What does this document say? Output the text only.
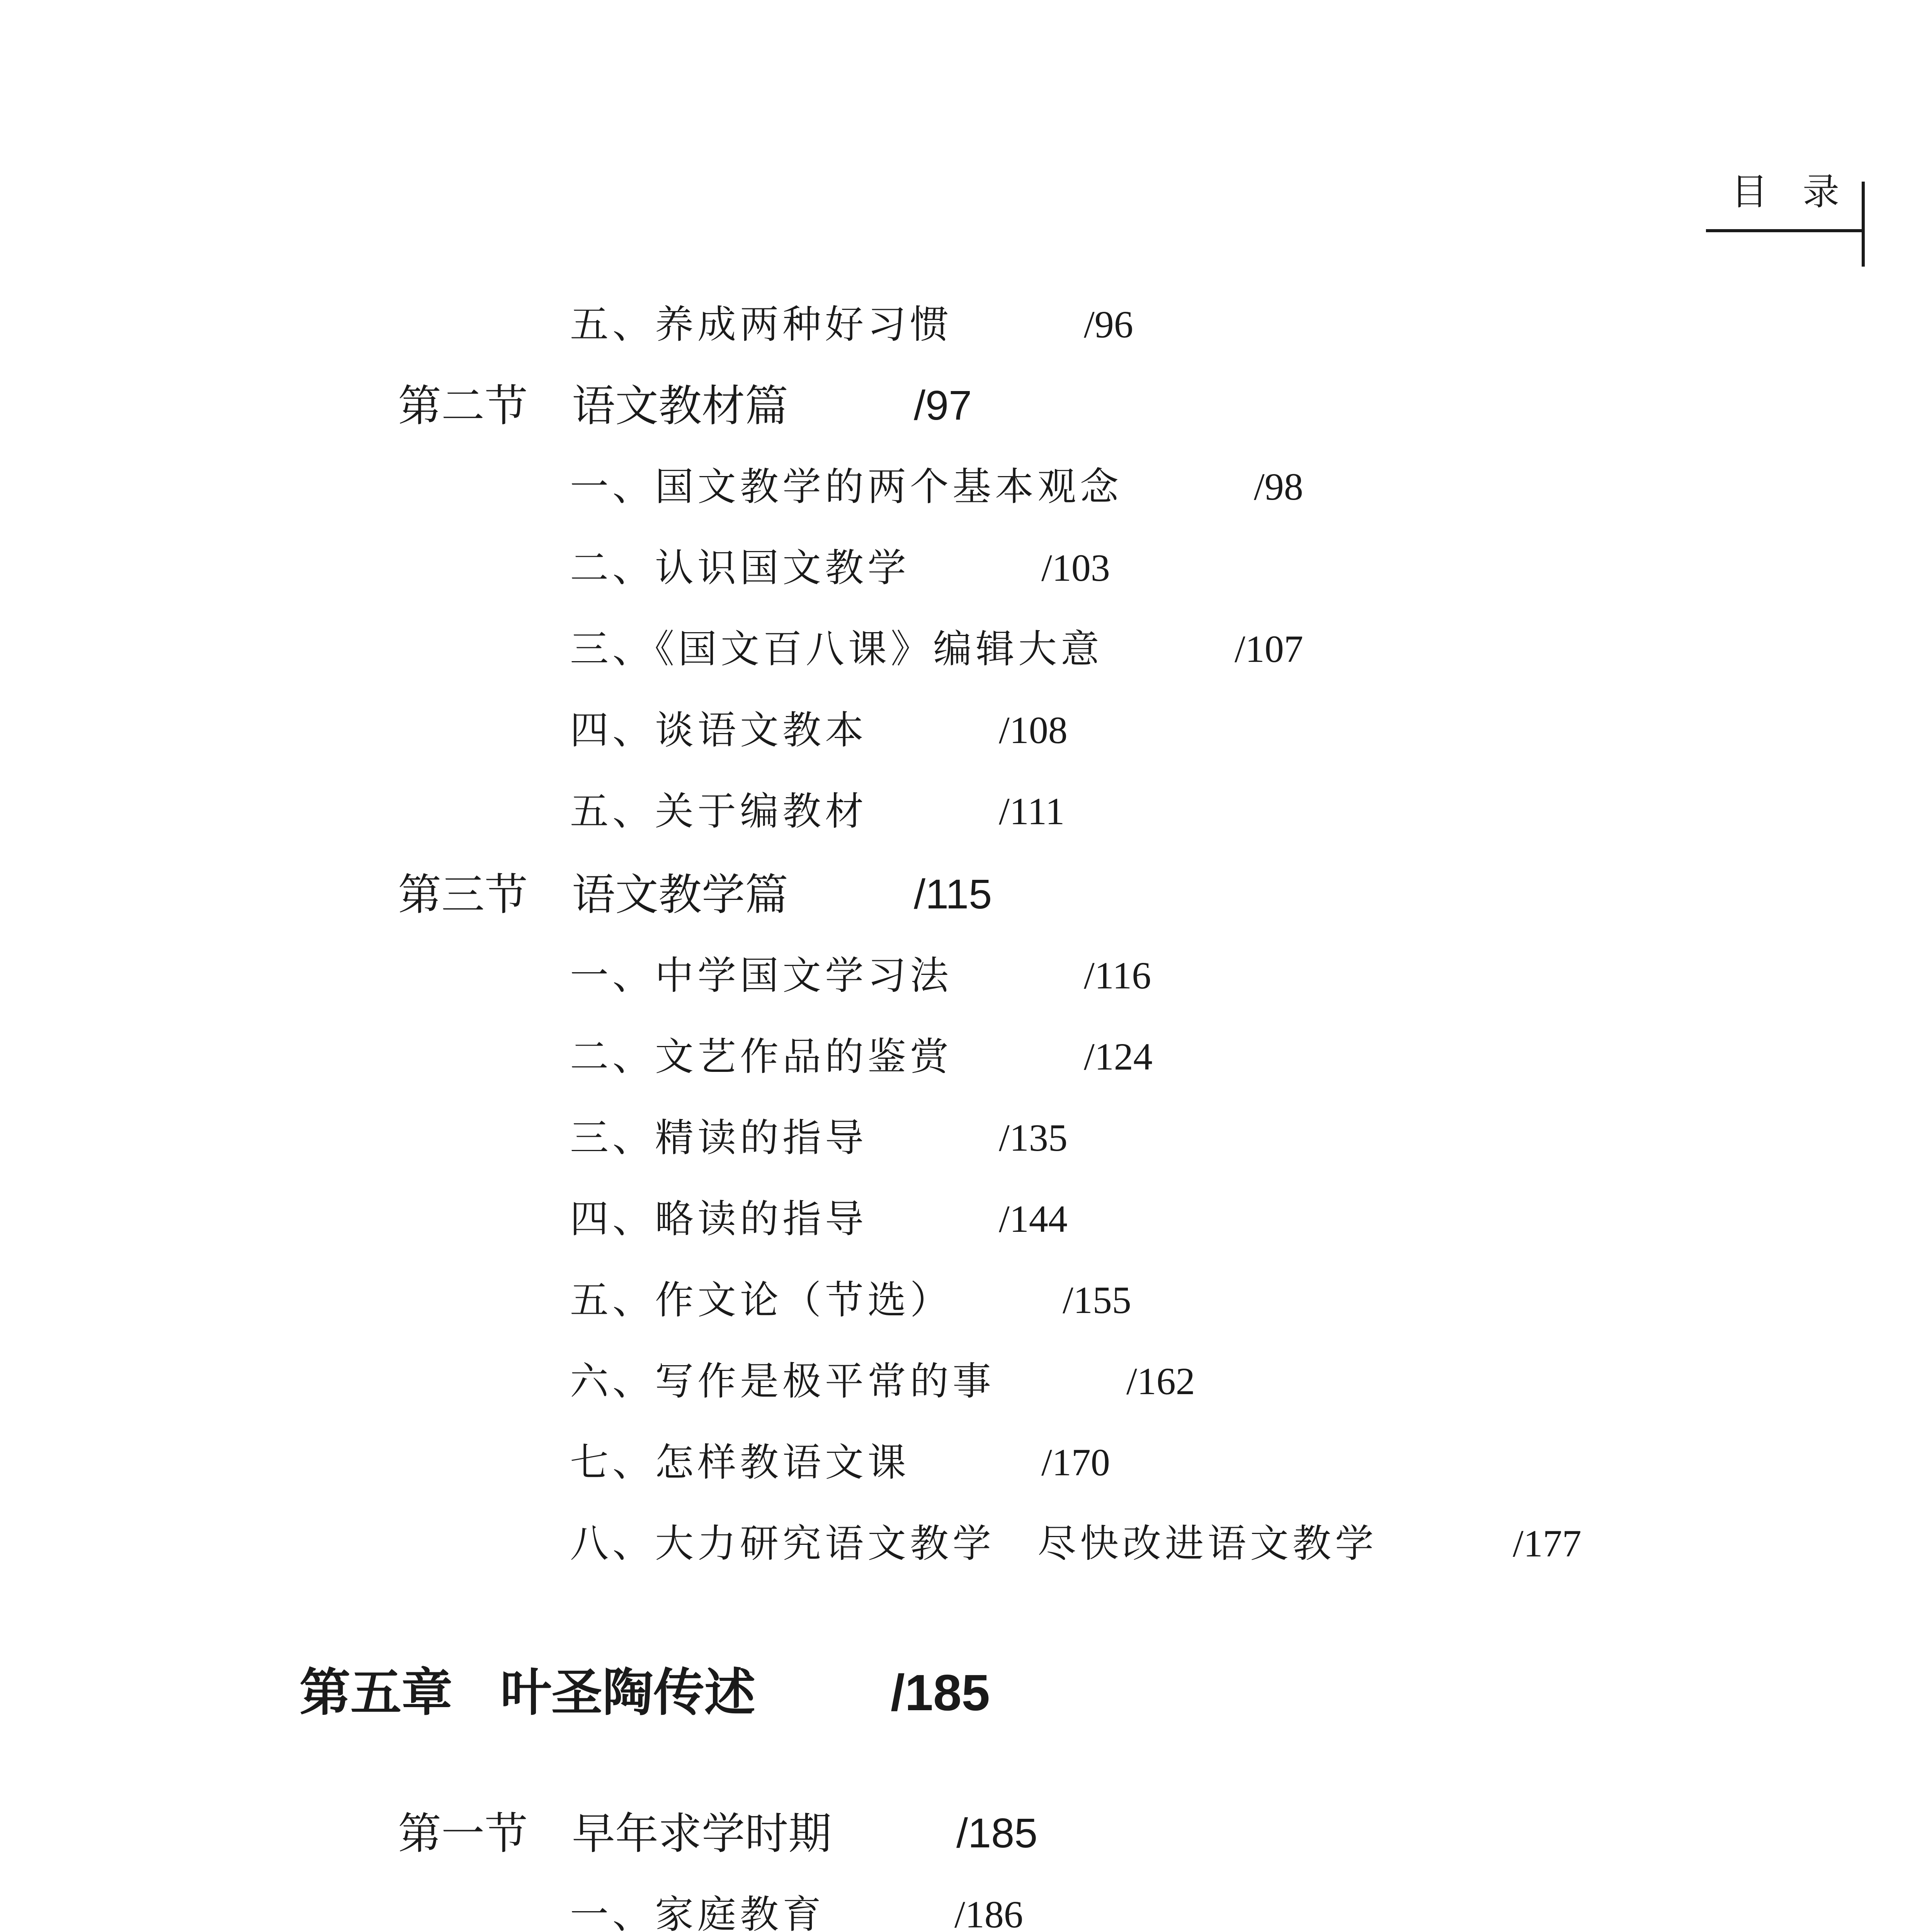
目 录
五、养成两种好习惯	/96
第二节 语文教材篇	/97
一、国文教学的两个基本观念	/98
二、认识国文教学	/103
三、《国文百八课》编辑大意	/107
四、谈语文教本	/108
五、关于编教材	/111
第三节 语文教学篇	/115
一、中学国文学习法	/116
二、文艺作品的鉴赏	/124
三、精读的指导	/135
四、略读的指导	/144
五、作文论（节选）	/155
六、写作是极平常的事	/162
七、怎样教语文课	/170
八、大力研究语文教学　尽快改进语文教学	/177
第五章 叶圣陶传述	/185
第一节 早年求学时期	/185
一、家庭教育	/186
